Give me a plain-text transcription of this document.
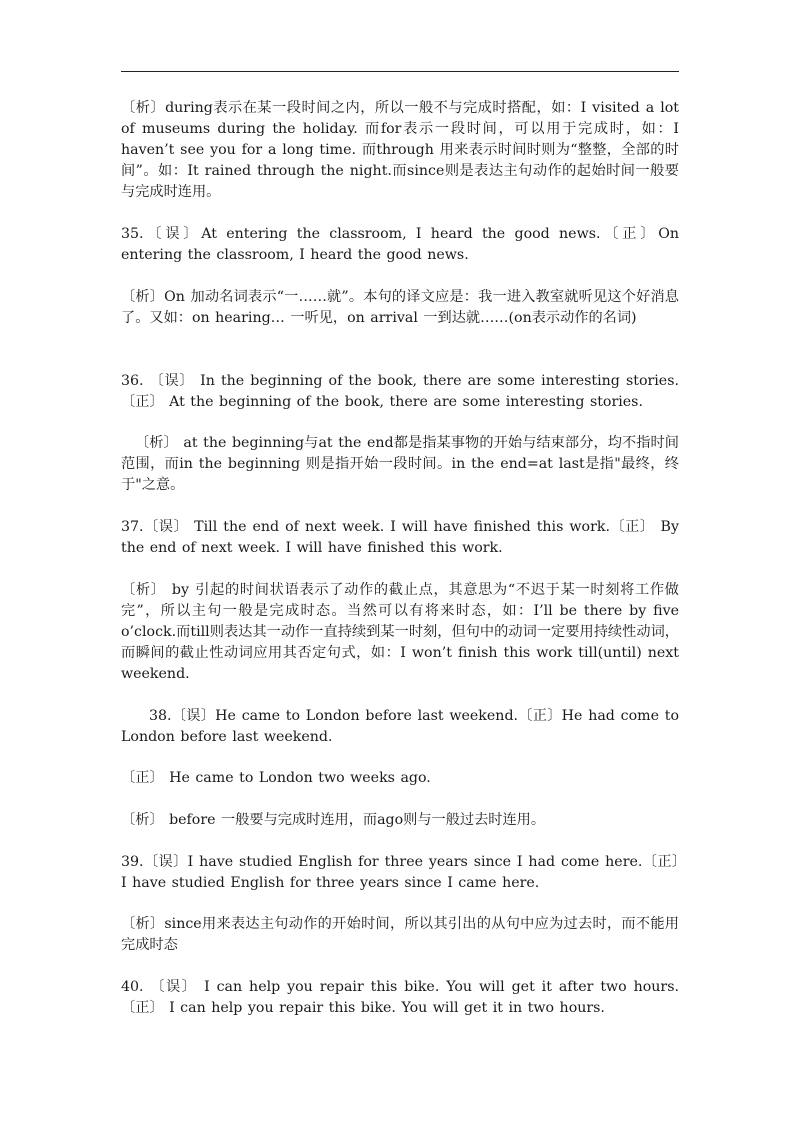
〔析〕during表示在某一段时间之内，所以一般不与完成时搭配，如：I visited a lot of museums during the holiday. 而for表示一段时间，可以用于完成时，如：I haven’t see you for a long time. 而through 用来表示时间时则为“整整，全部的时间”。如：It rained through the night.而since则是表达主句动作的起始时间一般要与完成时连用。

35.〔误〕At entering the classroom, I heard the good news.〔正〕On entering the classroom, I heard the good news.

〔析〕On 加动名词表示“一……就”。本句的译文应是：我一进入教室就听见这个好消息了。又如：on hearing… 一听见，on arrival 一到达就……(on表示动作的名词)

36. 〔误〕 In the beginning of the book, there are some interesting stories.〔正〕 At the beginning of the book, there are some interesting stories.

〔析〕 at the beginning与at the end都是指某事物的开始与结束部分，均不指时间范围，而in the beginning 则是指开始一段时间。in the end=at last是指"最终，终于"之意。

37.〔误〕 Till the end of next week. I will have finished this work.〔正〕 By the end of next week. I will have finished this work.

〔析〕 by 引起的时间状语表示了动作的截止点，其意思为“不迟于某一时刻将工作做完”，所以主句一般是完成时态。当然可以有将来时态，如：I’ll be there by five o’clock.而till则表达其一动作一直持续到某一时刻，但句中的动词一定要用持续性动词，而瞬间的截止性动词应用其否定句式，如：I won’t finish this work till(until) next weekend.

38.〔误〕He came to London before last weekend.〔正〕He had come to London before last weekend.

〔正〕 He came to London two weeks ago.

〔析〕 before 一般要与完成时连用，而ago则与一般过去时连用。

39.〔误〕I have studied English for three years since I had come here.〔正〕I have studied English for three years since I came here.

〔析〕since用来表达主句动作的开始时间，所以其引出的从句中应为过去时，而不能用完成时态

40. 〔误〕 I can help you repair this bike. You will get it after two hours.〔正〕 I can help you repair this bike. You will get it in two hours.
